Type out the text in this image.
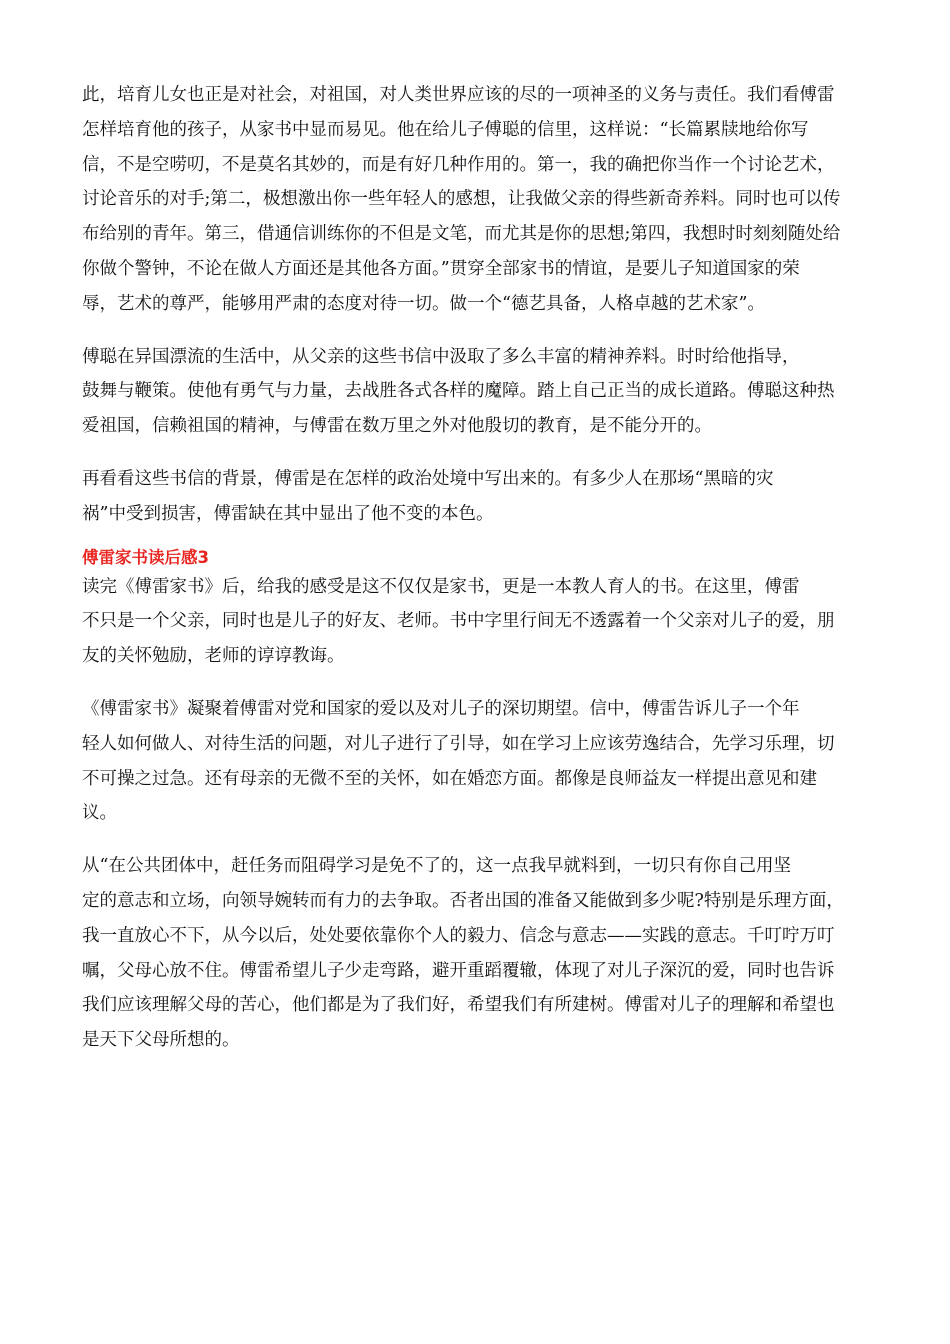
此，培育儿女也正是对社会，对祖国，对人类世界应该的尽的一项神圣的义务与责任。我们看傅雷
怎样培育他的孩子，从家书中显而易见。他在给儿子傅聪的信里，这样说：“长篇累牍地给你写
信，不是空唠叨，不是莫名其妙的，而是有好几种作用的。第一，我的确把你当作一个讨论艺术，
讨论音乐的对手;第二，极想激出你一些年轻人的感想，让我做父亲的得些新奇养料。同时也可以传
布给别的青年。第三，借通信训练你的不但是文笔，而尤其是你的思想;第四，我想时时刻刻随处给
你做个警钟，不论在做人方面还是其他各方面。”贯穿全部家书的情谊，是要儿子知道国家的荣
辱，艺术的尊严，能够用严肃的态度对待一切。做一个“德艺具备，人格卓越的艺术家”。

傅聪在异国漂流的生活中，从父亲的这些书信中汲取了多么丰富的精神养料。时时给他指导，
鼓舞与鞭策。使他有勇气与力量，去战胜各式各样的魔障。踏上自己正当的成长道路。傅聪这种热
爱祖国，信赖祖国的精神，与傅雷在数万里之外对他殷切的教育，是不能分开的。

再看看这些书信的背景，傅雷是在怎样的政治处境中写出来的。有多少人在那场“黑暗的灾
祸”中受到损害，傅雷缺在其中显出了他不变的本色。

傅雷家书读后感3

读完《傅雷家书》后，给我的感受是这不仅仅是家书，更是一本教人育人的书。在这里，傅雷
不只是一个父亲，同时也是儿子的好友、老师。书中字里行间无不透露着一个父亲对儿子的爱，朋
友的关怀勉励，老师的谆谆教诲。

《傅雷家书》凝聚着傅雷对党和国家的爱以及对儿子的深切期望。信中，傅雷告诉儿子一个年
轻人如何做人、对待生活的问题，对儿子进行了引导，如在学习上应该劳逸结合，先学习乐理，切
不可操之过急。还有母亲的无微不至的关怀，如在婚恋方面。都像是良师益友一样提出意见和建
议。

从“在公共团体中，赶任务而阻碍学习是免不了的，这一点我早就料到，一切只有你自己用坚
定的意志和立场，向领导婉转而有力的去争取。否者出国的准备又能做到多少呢?特别是乐理方面，
我一直放心不下，从今以后，处处要依靠你个人的毅力、信念与意志——实践的意志。千叮咛万叮
嘱，父母心放不住。傅雷希望儿子少走弯路，避开重蹈覆辙，体现了对儿子深沉的爱，同时也告诉
我们应该理解父母的苦心，他们都是为了我们好，希望我们有所建树。傅雷对儿子的理解和希望也
是天下父母所想的。
